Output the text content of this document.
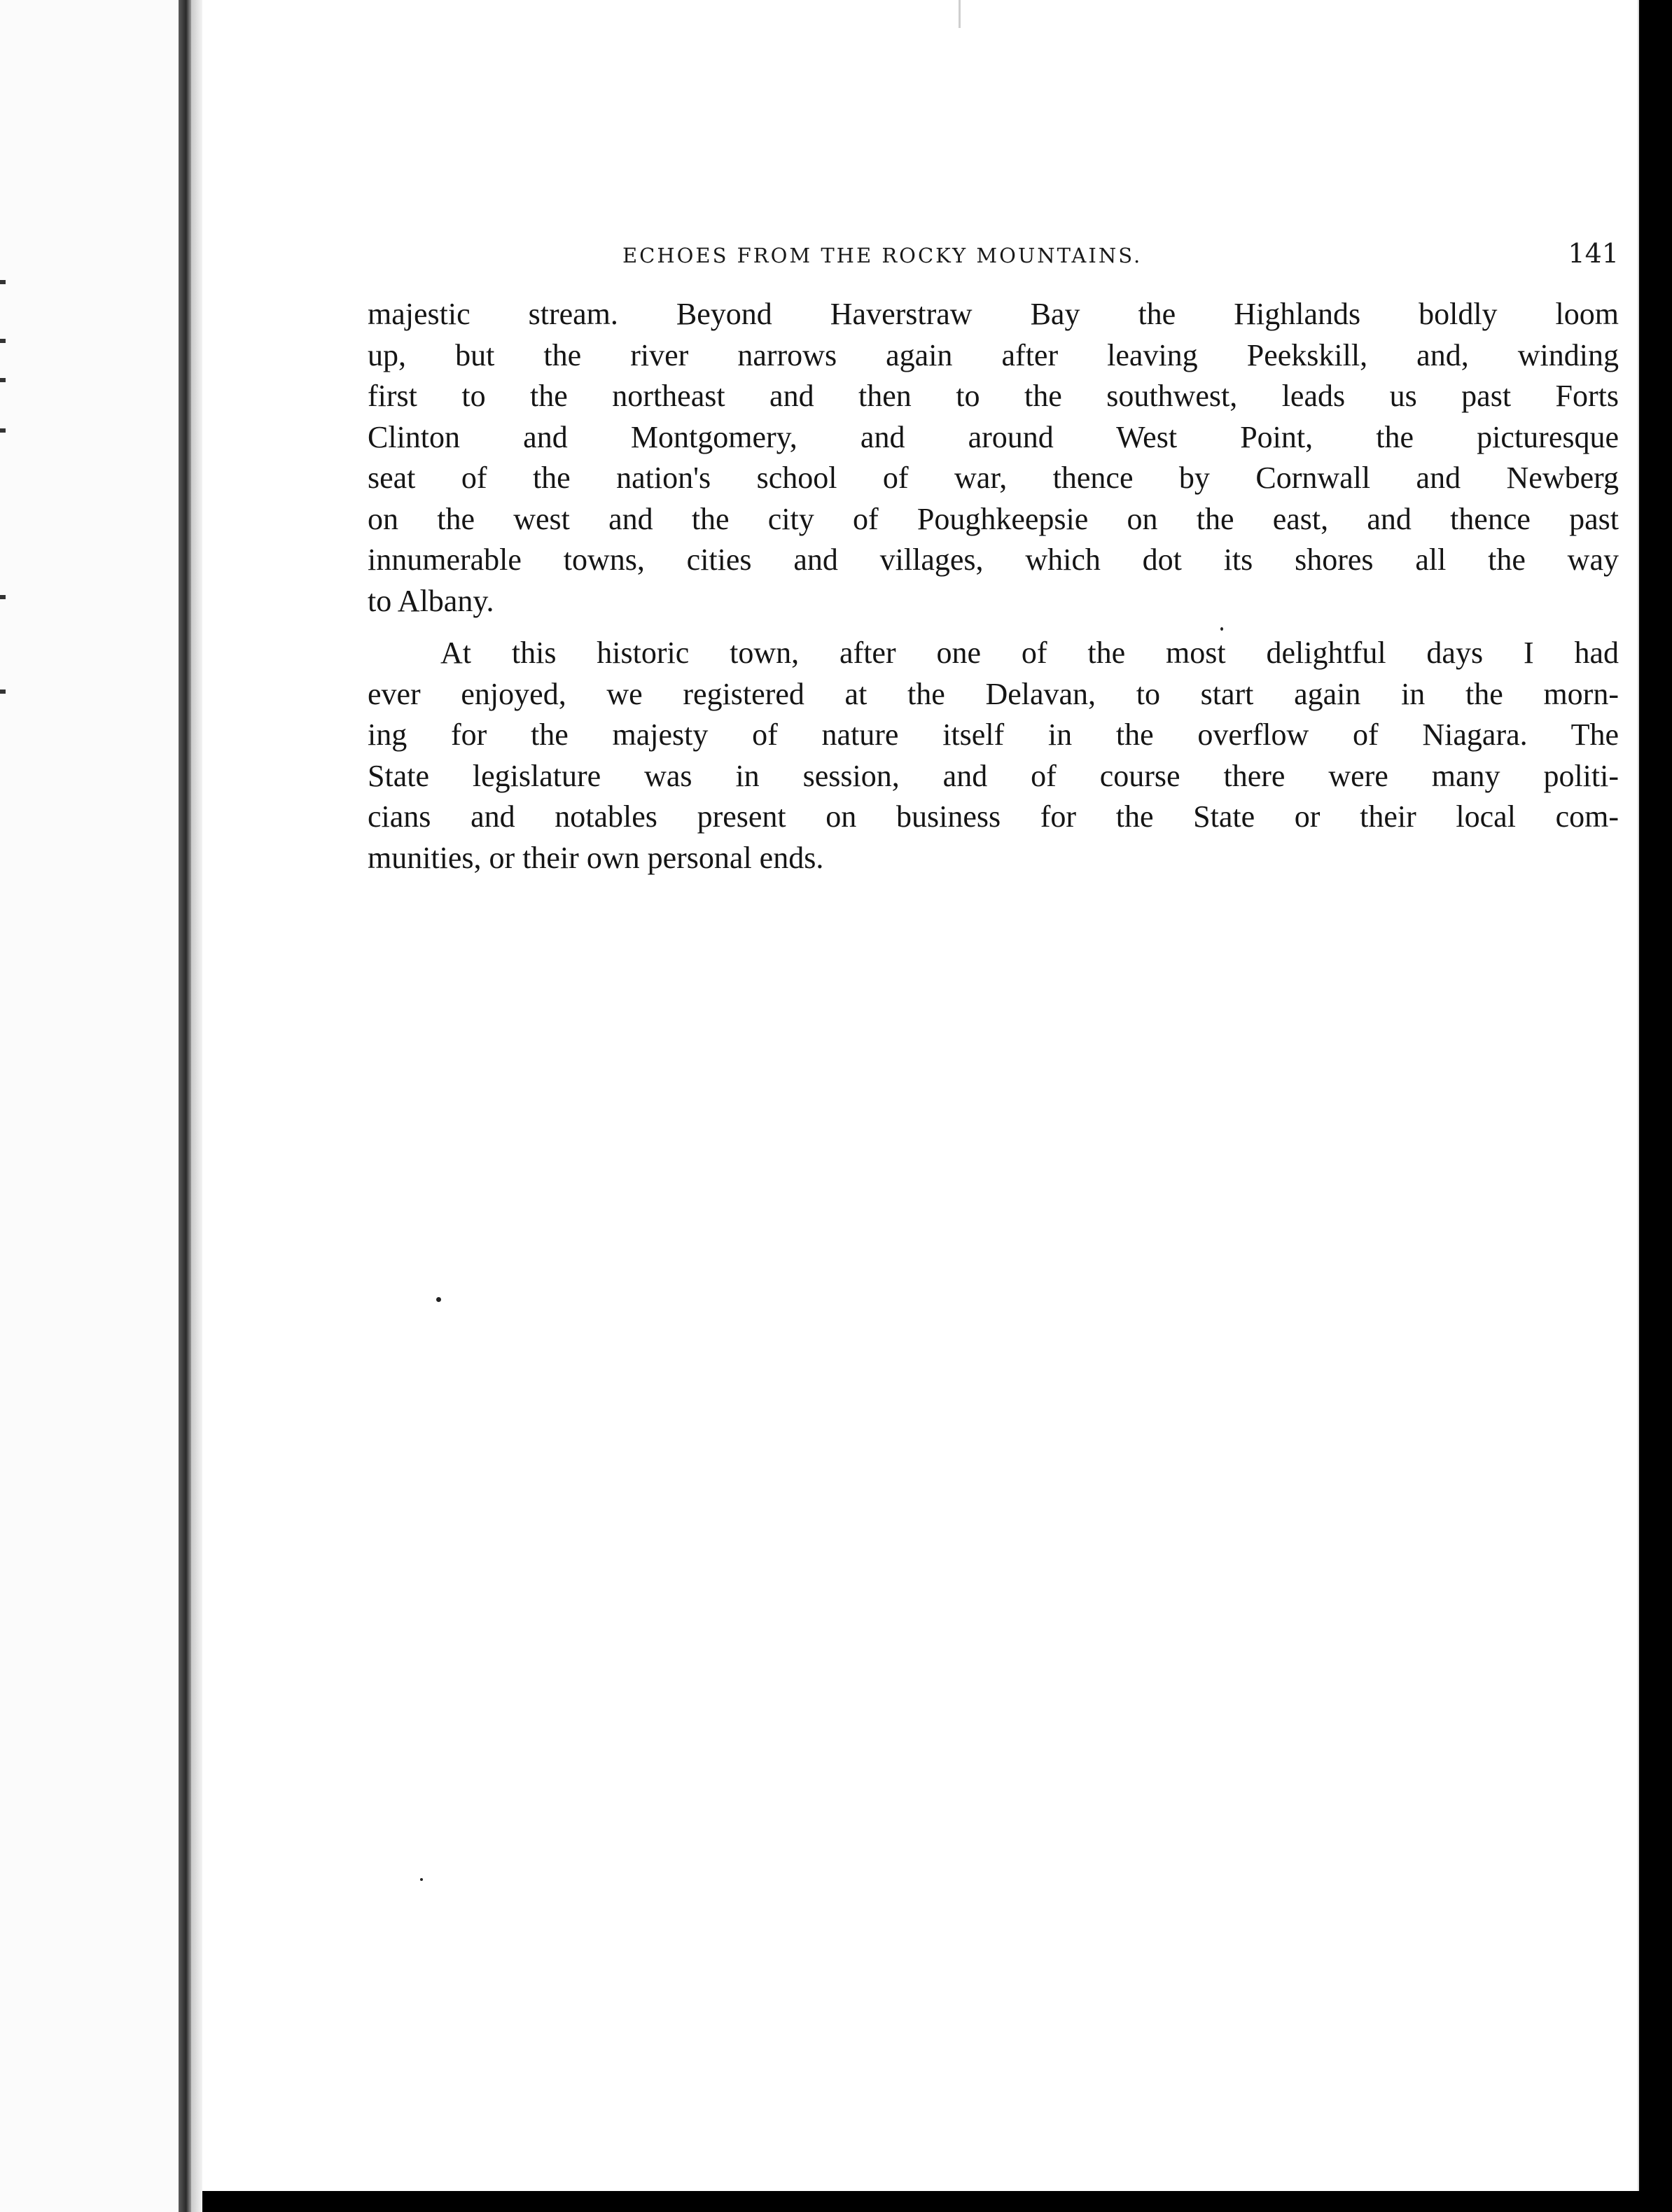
ECHOES FROM THE ROCKY MOUNTAINS.	141
majestic stream. Beyond Haverstraw Bay the Highlands boldly loom
up, but the river narrows again after leaving Peekskill, and, winding
first to the northeast and then to the southwest, leads us past Forts
Clinton and Montgomery, and around West Point, the picturesque
seat of the nation's school of war, thence by Cornwall and Newberg
on the west and the city of Poughkeepsie on the east, and thence past
innumerable towns, cities and villages, which dot its shores all the way
to Albany.
At this historic town, after one of the most delightful days I had
ever enjoyed, we registered at the Delavan, to start again in the morn-
ing for the majesty of nature itself in the overflow of Niagara. The
State legislature was in session, and of course there were many politi-
cians and notables present on business for the State or their local com-
munities, or their own personal ends.
